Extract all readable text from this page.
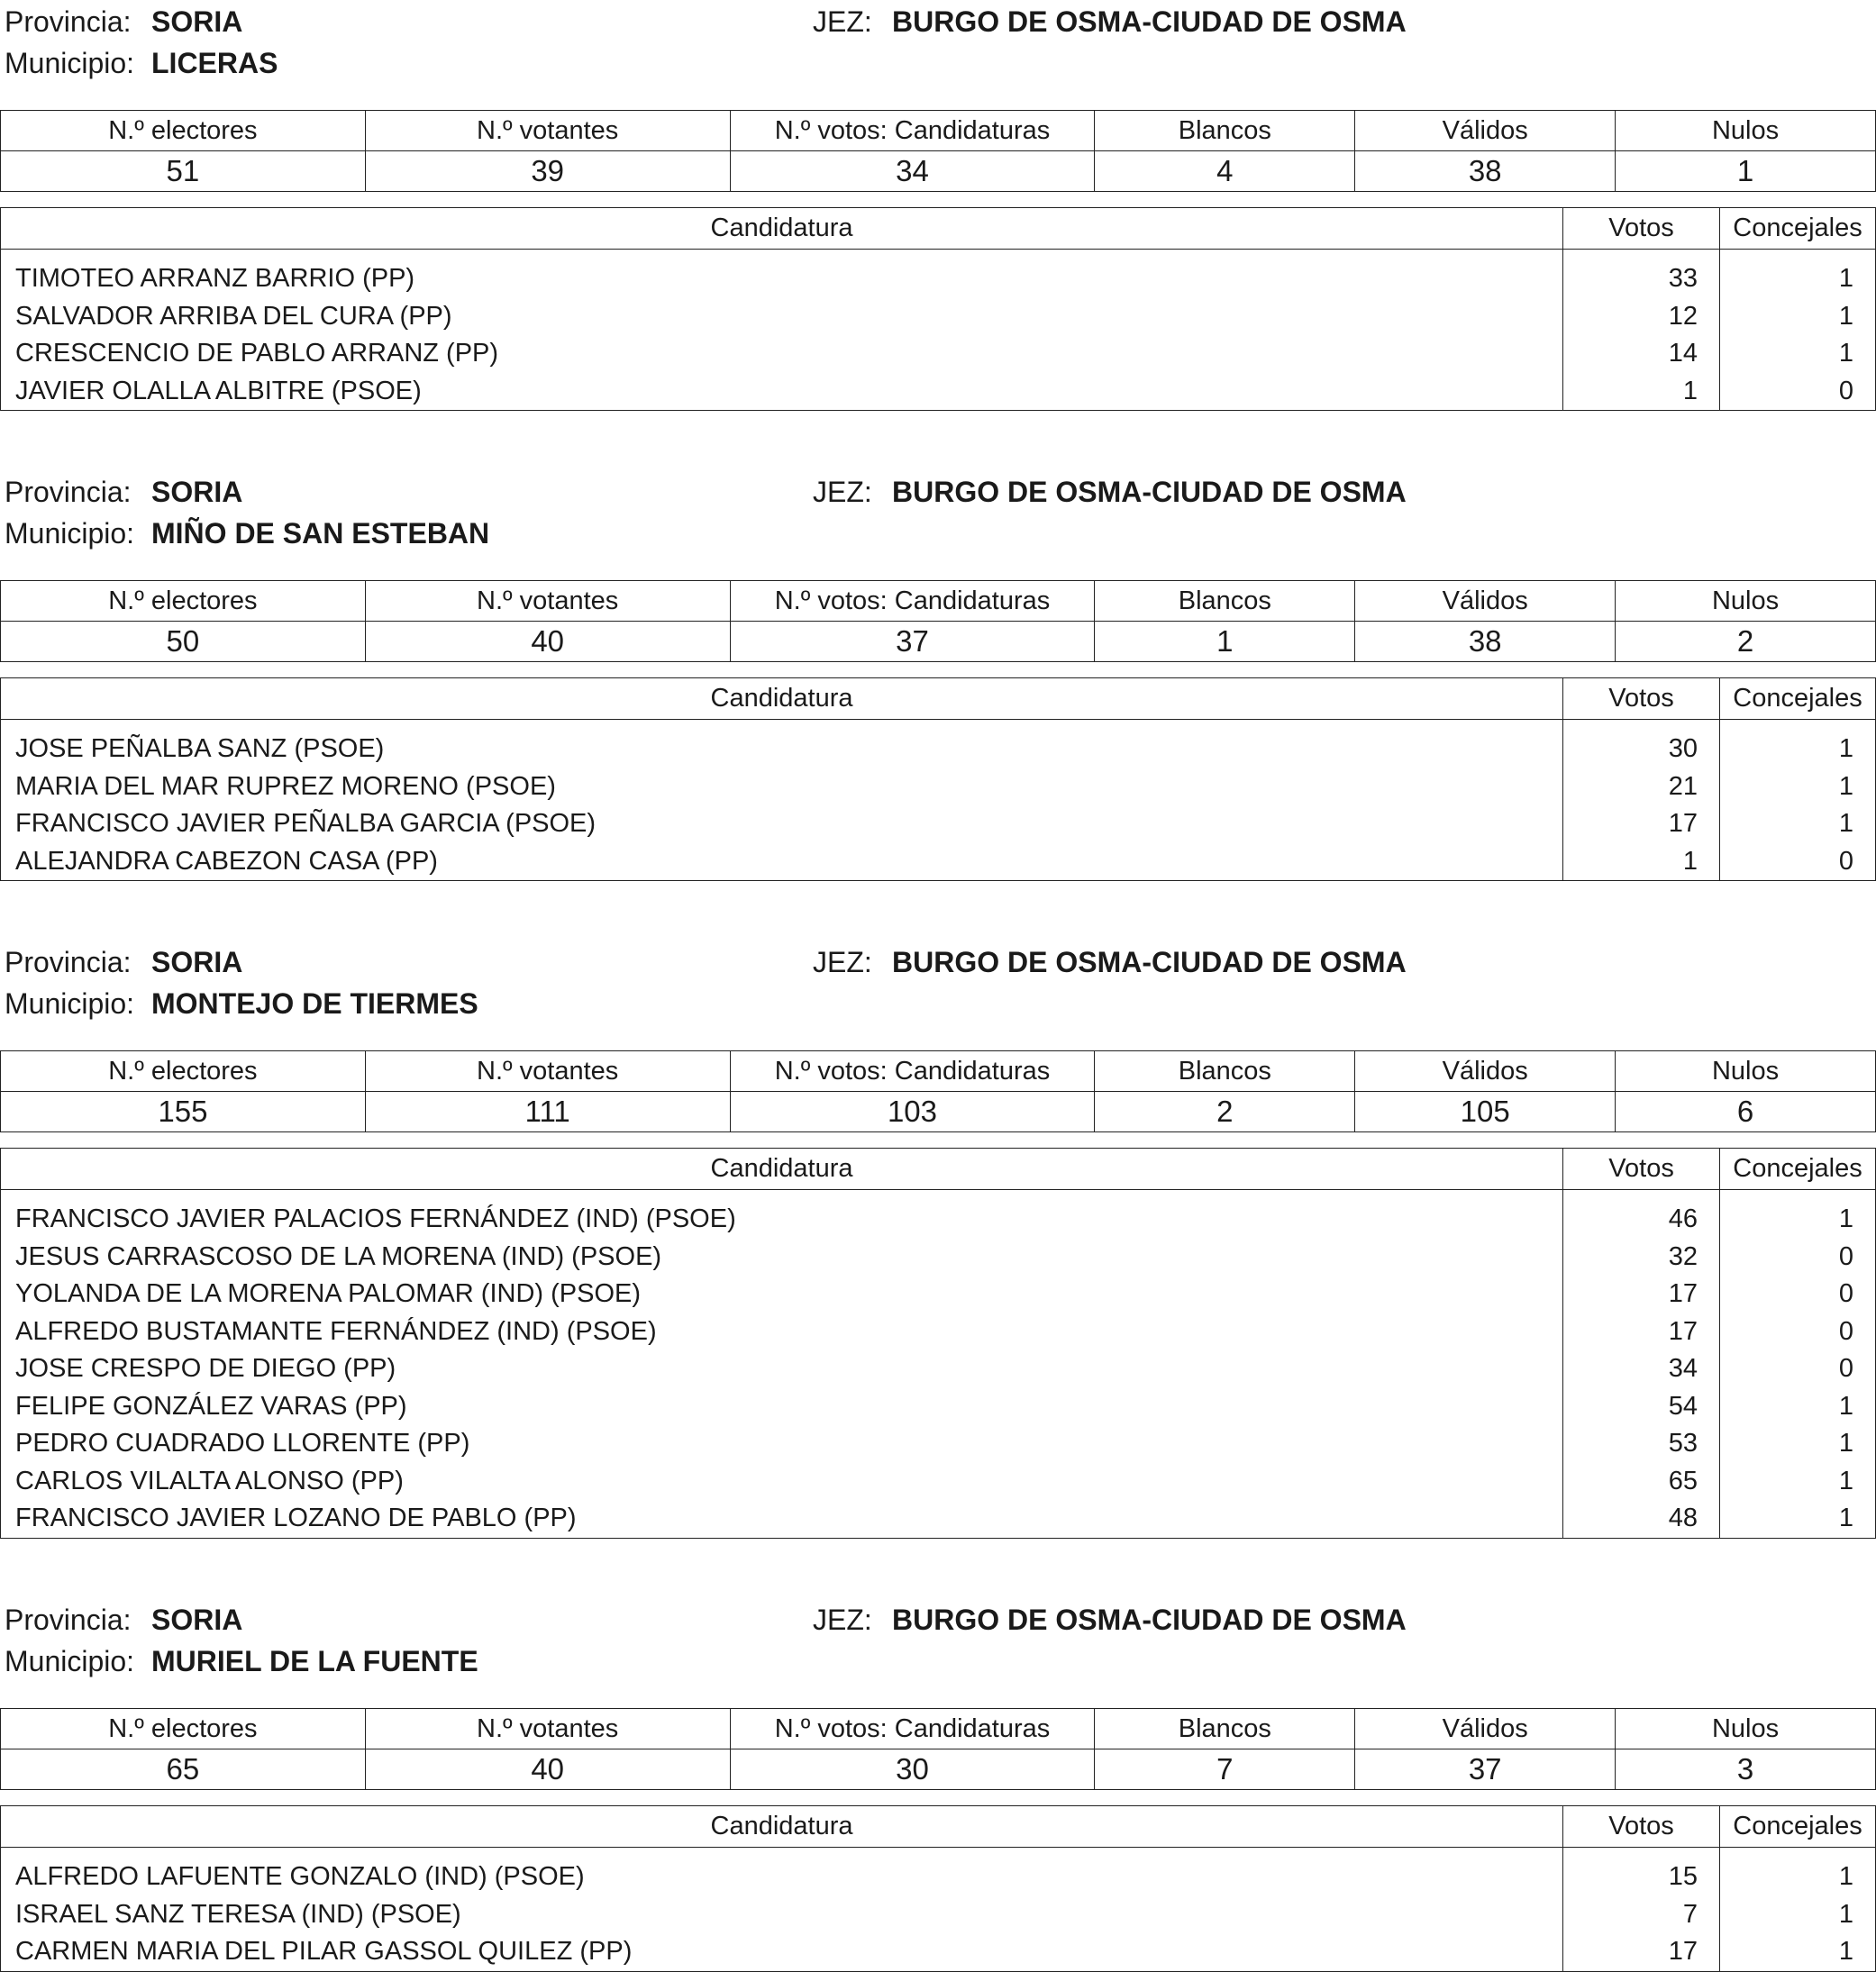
Provincia: SORIA	JEZ: BURGO DE OSMA-CIUDAD DE OSMA
Municipio: LICERAS
N.º electores	N.º votantes	N.º votos: Candidaturas	Blancos	Válidos	Nulos
51	39	34	4	38	1
Candidatura	Votos	Concejales

TIMOTEO ARRANZ BARRIO (PP)	33	1
SALVADOR ARRIBA DEL CURA (PP)	12	1
CRESCENCIO DE PABLO ARRANZ (PP)	14	1
JAVIER OLALLA ALBITRE (PSOE)	1	0
Provincia: SORIA	JEZ: BURGO DE OSMA-CIUDAD DE OSMA
Municipio: MIÑO DE SAN ESTEBAN
N.º electores	N.º votantes	N.º votos: Candidaturas	Blancos	Válidos	Nulos
50	40	37	1	38	2
Candidatura	Votos	Concejales

JOSE PEÑALBA SANZ (PSOE)	30	1
MARIA DEL MAR RUPREZ MORENO (PSOE)	21	1
FRANCISCO JAVIER PEÑALBA GARCIA (PSOE)	17	1
ALEJANDRA CABEZON CASA (PP)	1	0
Provincia: SORIA	JEZ: BURGO DE OSMA-CIUDAD DE OSMA
Municipio: MONTEJO DE TIERMES
N.º electores	N.º votantes	N.º votos: Candidaturas	Blancos	Válidos	Nulos
155	111	103	2	105	6
Candidatura	Votos	Concejales

FRANCISCO JAVIER PALACIOS FERNÁNDEZ (IND) (PSOE)	46	1
JESUS CARRASCOSO DE LA MORENA (IND) (PSOE)	32	0
YOLANDA DE LA MORENA PALOMAR (IND) (PSOE)	17	0
ALFREDO BUSTAMANTE FERNÁNDEZ (IND) (PSOE)	17	0
JOSE CRESPO DE DIEGO (PP)	34	0
FELIPE GONZÁLEZ VARAS (PP)	54	1
PEDRO CUADRADO LLORENTE (PP)	53	1
CARLOS VILALTA ALONSO (PP)	65	1
FRANCISCO JAVIER LOZANO DE PABLO (PP)	48	1
Provincia: SORIA	JEZ: BURGO DE OSMA-CIUDAD DE OSMA
Municipio: MURIEL DE LA FUENTE
N.º electores	N.º votantes	N.º votos: Candidaturas	Blancos	Válidos	Nulos
65	40	30	7	37	3
Candidatura	Votos	Concejales

ALFREDO LAFUENTE GONZALO (IND) (PSOE)	15	1
ISRAEL SANZ TERESA (IND) (PSOE)	7	1
CARMEN MARIA DEL PILAR GASSOL QUILEZ (PP)	17	1
